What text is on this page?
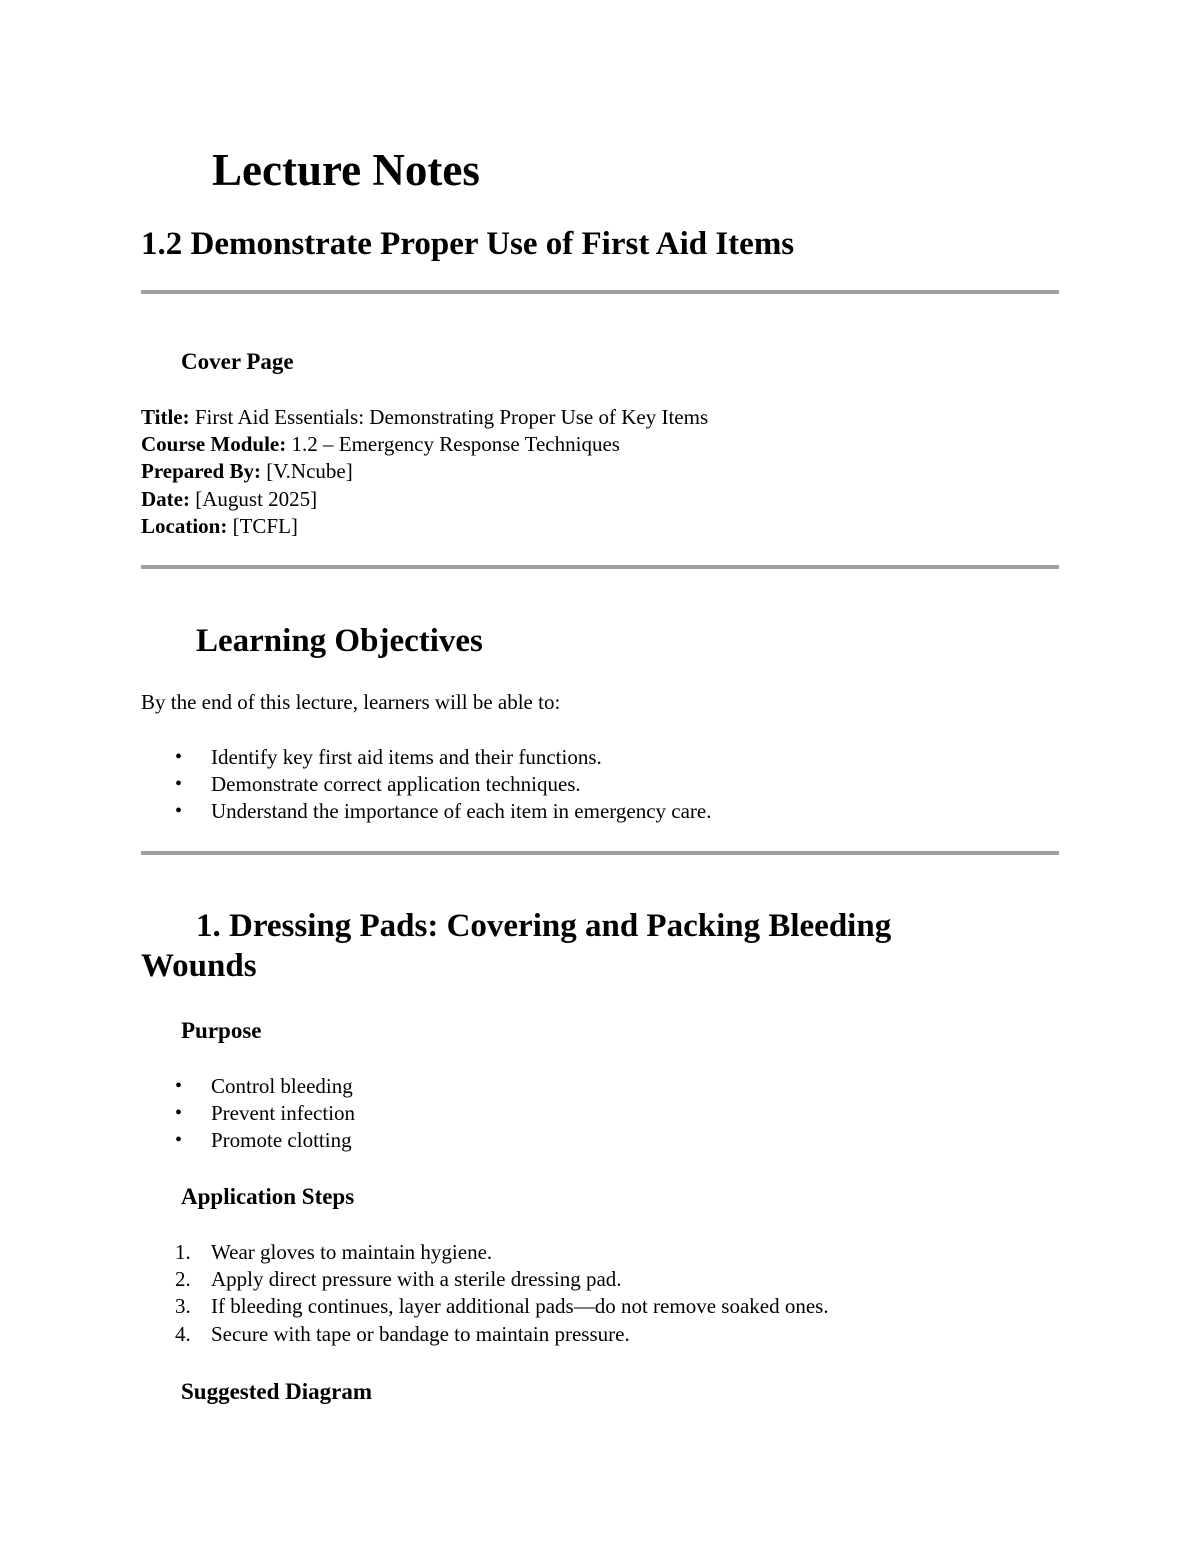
Lecture Notes
1.2 Demonstrate Proper Use of First Aid Items
Cover Page
Title: First Aid Essentials: Demonstrating Proper Use of Key Items
Course Module: 1.2 – Emergency Response Techniques
Prepared By: [V.Ncube]
Date: [August 2025]
Location: [TCFL]
Learning Objectives
By the end of this lecture, learners will be able to:
• Identify key first aid items and their functions.
• Demonstrate correct application techniques.
• Understand the importance of each item in emergency care.
1. Dressing Pads: Covering and Packing Bleeding
Wounds
Purpose
• Control bleeding
• Prevent infection
• Promote clotting
Application Steps
1. Wear gloves to maintain hygiene.
2. Apply direct pressure with a sterile dressing pad.
3. If bleeding continues, layer additional pads—do not remove soaked ones.
4. Secure with tape or bandage to maintain pressure.
Suggested Diagram
